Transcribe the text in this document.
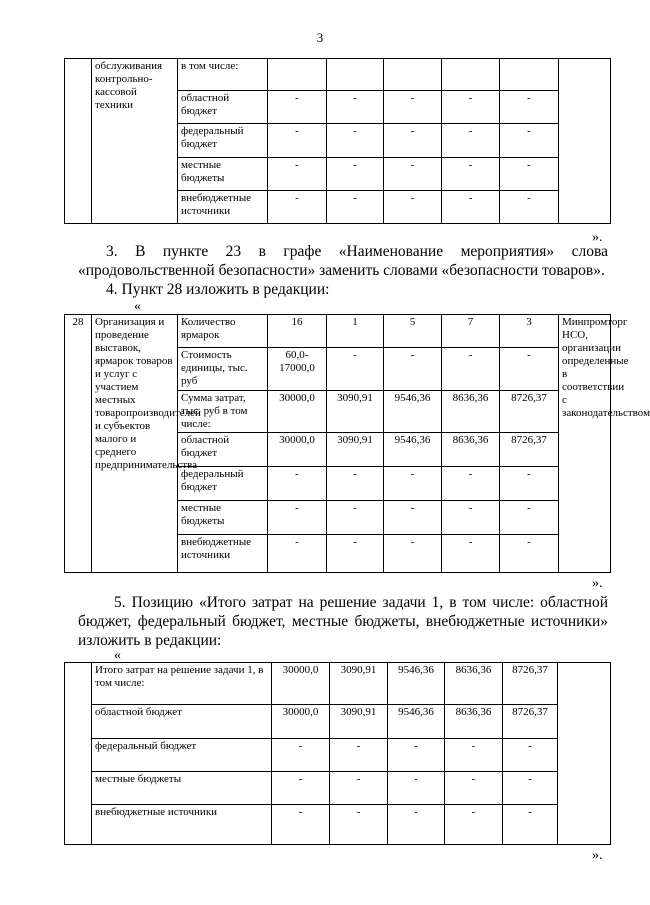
3
	обслуживания контрольно-кассовой техники	в том числе:						
		областной бюджет	-	-	-	-	-	
		федеральный бюджет	-	-	-	-	-	
		местные бюджеты	-	-	-	-	-	
		внебюджетные источники	-	-	-	-	-	
».
3. В пункте 23 в графе «Наименование мероприятия» слова
«продовольственной безопасности» заменить словами «безопасности товаров».
4. Пункт 28 изложить в редакции:
«
28	Организация и проведение выставок, ярмарок товаров и услуг с участием местных товаропроизводителей и субъектов малого и среднего предпринимательства	Количество ярмарок	16	1	5	7	3	Минпромторг НСО, организации определенные в соответствии с законодательством
		Стоимость единицы, тыс. руб	60,0-17000,0	-	-	-	-	
		Сумма затрат, тыс. руб в том числе:	30000,0	3090,91	9546,36	8636,36	8726,37	
		областной бюджет	30000,0	3090,91	9546,36	8636,36	8726,37	
		федеральный бюджет	-	-	-	-	-	
		местные бюджеты	-	-	-	-	-	
		внебюджетные источники	-	-	-	-	-	
».
5. Позицию «Итого затрат на решение задачи 1, в том числе: областной
бюджет, федеральный бюджет, местные бюджеты, внебюджетные источники»
изложить в редакции:
«
	Итого затрат на решение задачи 1, в том числе:	30000,0	3090,91	9546,36	8636,36	8726,37	
	областной бюджет	30000,0	3090,91	9546,36	8636,36	8726,37	
	федеральный бюджет	-	-	-	-	-	
	местные бюджеты	-	-	-	-	-	
	внебюджетные источники	-	-	-	-	-	
».
